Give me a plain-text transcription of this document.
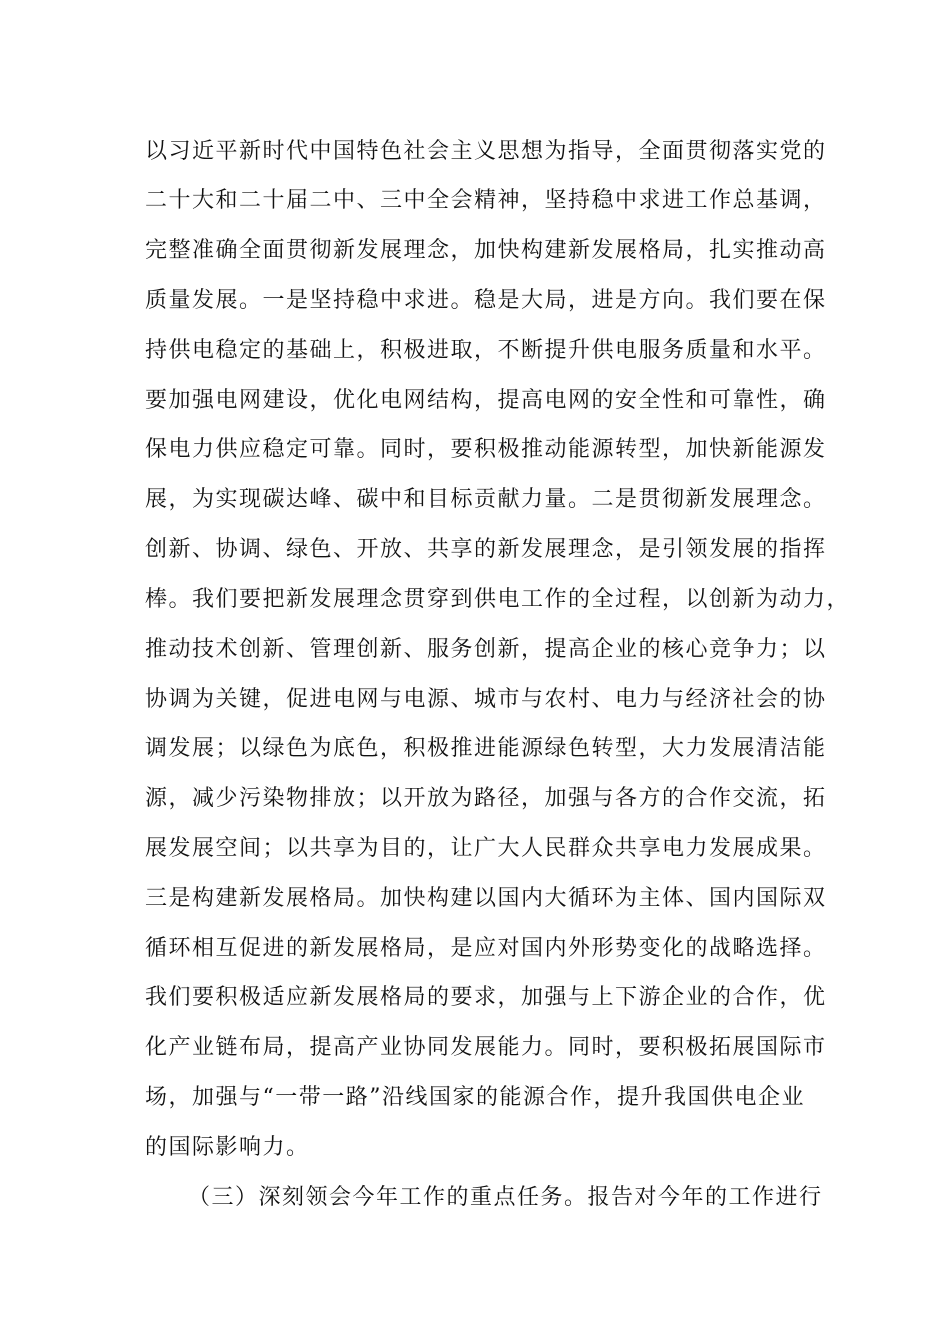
以习近平新时代中国特色社会主义思想为指导，全面贯彻落实党的
二十大和二十届二中、三中全会精神，坚持稳中求进工作总基调，
完整准确全面贯彻新发展理念，加快构建新发展格局，扎实推动高
质量发展。一是坚持稳中求进。稳是大局，进是方向。我们要在保
持供电稳定的基础上，积极进取，不断提升供电服务质量和水平。
要加强电网建设，优化电网结构，提高电网的安全性和可靠性，确
保电力供应稳定可靠。同时，要积极推动能源转型，加快新能源发
展，为实现碳达峰、碳中和目标贡献力量。二是贯彻新发展理念。
创新、协调、绿色、开放、共享的新发展理念，是引领发展的指挥
棒。我们要把新发展理念贯穿到供电工作的全过程，以创新为动力，
推动技术创新、管理创新、服务创新，提高企业的核心竞争力；以
协调为关键，促进电网与电源、城市与农村、电力与经济社会的协
调发展；以绿色为底色，积极推进能源绿色转型，大力发展清洁能
源，减少污染物排放；以开放为路径，加强与各方的合作交流，拓
展发展空间；以共享为目的，让广大人民群众共享电力发展成果。
三是构建新发展格局。加快构建以国内大循环为主体、国内国际双
循环相互促进的新发展格局，是应对国内外形势变化的战略选择。
我们要积极适应新发展格局的要求，加强与上下游企业的合作，优
化产业链布局，提高产业协同发展能力。同时，要积极拓展国际市
场，加强与“一带一路”沿线国家的能源合作，提升我国供电企业
的国际影响力。
（三）深刻领会今年工作的重点任务。报告对今年的工作进行
